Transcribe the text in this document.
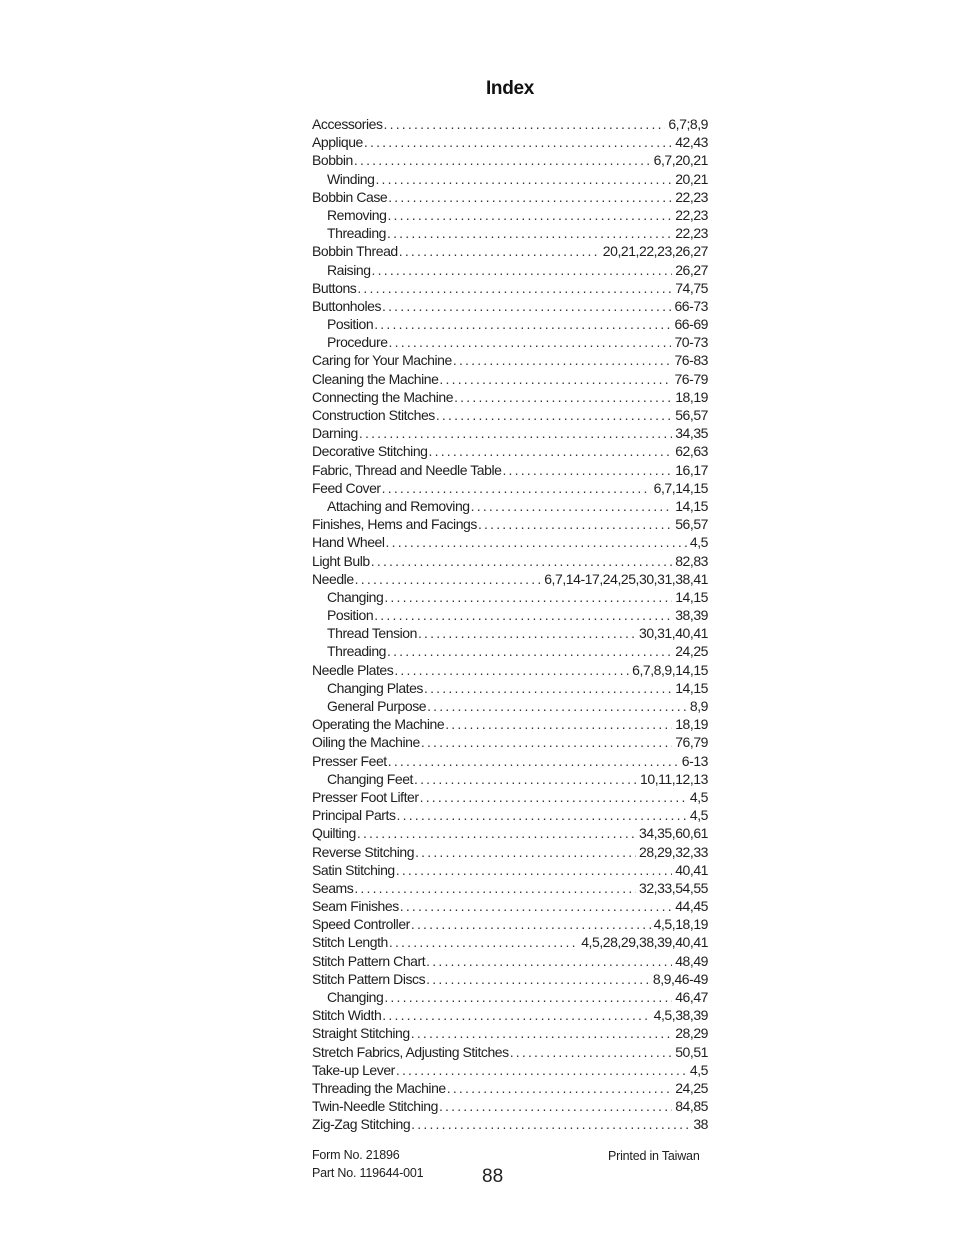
Index
Accessories .....	6,7;8,9
Applique .....	42,43
Bobbin .....	6,7,20,21
Winding .....	20,21
Bobbin Case .....	22,23
Removing .....	22,23
Threading .....	22,23
Bobbin Thread .....	20,21,22,23,26,27
Raising .....	26,27
Buttons .....	74,75
Buttonholes .....	66-73
Position .....	66-69
Procedure .....	70-73
Caring for Your Machine .....	76-83
Cleaning the Machine .....	76-79
Connecting the Machine .....	18,19
Construction Stitches .....	56,57
Darning .....	34,35
Decorative Stitching .....	62,63
Fabric, Thread and Needle Table .....	16,17
Feed Cover .....	6,7,14,15
Attaching and Removing .....	14,15
Finishes, Hems and Facings .....	56,57
Hand Wheel .....	4,5
Light Bulb .....	82,83
Needle .....	6,7,14-17,24,25,30,31,38,41
Changing .....	14,15
Position .....	38,39
Thread Tension .....	30,31,40,41
Threading .....	24,25
Needle Plates .....	6,7,8,9,14,15
Changing Plates .....	14,15
General Purpose .....	8,9
Operating the Machine .....	18,19
Oiling the Machine .....	76,79
Presser Feet .....	6-13
Changing Feet .....	10,11,12,13
Presser Foot Lifter .....	4,5
Principal Parts .....	4,5
Quilting .....	34,35,60,61
Reverse Stitching .....	28,29,32,33
Satin Stitching .....	40,41
Seams .....	32,33,54,55
Seam Finishes .....	44,45
Speed Controller .....	4,5,18,19
Stitch Length .....	4,5,28,29,38,39,40,41
Stitch Pattern Chart .....	48,49
Stitch Pattern Discs .....	8,9,46-49
Changing .....	46,47
Stitch Width .....	4,5,38,39
Straight Stitching .....	28,29
Stretch Fabrics, Adjusting Stitches .....	50,51
Take-up Lever .....	4,5
Threading the Machine .....	24,25
Twin-Needle Stitching .....	84,85
Zig-Zag Stitching .....	38
Form No. 21896
Part No. 119644-001
Printed in Taiwan
88
